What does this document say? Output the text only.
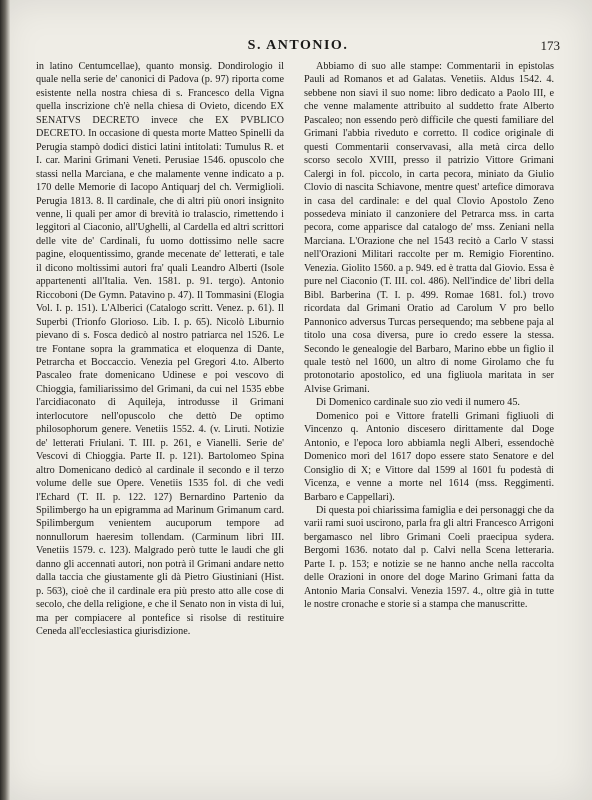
S. ANTONIO.	173

in latino Centumcellae), quanto monsig. Dondirologio il quale nella serie de' canonici di Padova (p. 97) riporta come esistente nella nostra chiesa di s. Francesco della Vigna quella inscrizione ch'è nella chiesa di Ovieto, dicendo EX SENATVS DECRETO invece che EX PVBLICO DECRETO. In occasione di questa morte Matteo Spinelli da Perugia stampò dodici distici latini intitolati: Tumulus R. et I. car. Marini Grimani Veneti. Perusiae 1546. opuscolo che stassi nella Marciana, e che malamente venne indicato a p. 170 delle Memorie di Iacopo Antiquarj del ch. Vermiglioli. Perugia 1813. 8. Il cardinale, che di altri più onori insignito venne, li quali per amor di brevità io tralascio, rimettendo i leggitori al Ciaconio, all'Ughelli, al Cardella ed altri scrittori delle vite de' Cardinali, fu uomo dottissimo nelle sacre pagine, eloquentissimo, grande mecenate de' letterati, e tale il dicono moltissimi autori fra' quali Leandro Alberti (Isole appartenenti all'Italia. Ven. 1581. p. 91. tergo). Antonio Riccoboni (De Gymn. Patavino p. 47). Il Tommasini (Elogia Vol. I. p. 151). L'Alberici (Catalogo scritt. Venez. p. 61). Il Superbi (Trionfo Glorioso. Lib. I. p. 65). Nicolò Liburnio pievano di s. Fosca dedicò al nostro patriarca nel 1526. Le tre Fontane sopra la grammatica et eloquenza di Dante, Petrarcha et Boccaccio. Venezia pel Gregori 4.to. Alberto Pascaleo frate domenicano Udinese e poi vescovo di Chioggia, familiarissimo del Grimani, da cui nel 1535 ebbe l'arcidiaconato di Aquileja, introdusse il Grimani interlocutore nell'opuscolo che dettò De optimo philosophorum genere. Venetiis 1552. 4. (v. Liruti. Notizie de' letterati Friulani. T. III. p. 261, e Vianelli. Serie de' Vescovi di Chioggia. Parte II. p. 121). Bartolomeo Spina altro Domenicano dedicò al cardinale il secondo e il terzo volume delle sue Opere. Venetiis 1535 fol. di che vedi l'Echard (T. II. p. 122. 127) Bernardino Partenio da Spilimbergo ha un epigramma ad Marinum Grimanum card. Spilimbergum venientem aucuporum tempore ad nonnullorum haeresim tollendam. (Carminum libri III. Venetiis 1579. c. 123). Malgrado però tutte le laudi che gli danno gli accennati autori, non potrà il Grimani andare netto dalla taccia che giustamente gli dà Pietro Giustiniani (Hist. p. 563), cioè che il cardinale era più presto atto alle cose di secolo, che della religione, e che il Senato non in vista di lui, ma per compiacere al pontefice si risolse di restituire Ceneda all'ecclesiastica giurisdizione.

Abbiamo di suo alle stampe: Commentarii in epistolas Pauli ad Romanos et ad Galatas. Venetiis. Aldus 1542. 4. sebbene non siavi il suo nome: libro dedicato a Paolo III, e che venne malamente attribuito al suddetto frate Alberto Pascaleo; non essendo però difficile che questi familiare del Grimani l'abbia riveduto e corretto. Il codice originale di questi Commentarii conservavasi, alla metà circa dello scorso secolo XVIII, presso il patrizio Vittore Grimani Calergi in fol. piccolo, in carta pecora, miniato da Giulio Clovio di nascita Schiavone, mentre quest' artefice dimorava in casa del cardinale: e del qual Clovio Apostolo Zeno possedeva miniato il canzoniere del Petrarca mss. in carta pecora, come apparisce dal catalogo de' mss. Zeniani nella Marciana. L'Orazione che nel 1543 recitò a Carlo V stassi nell'Orazioni Militari raccolte per m. Remigio Fiorentino. Venezia. Giolito 1560. a p. 949. ed è tratta dal Giovio. Essa è pure nel Ciaconio (T. III. col. 486). Nell'indice de' libri della Bibl. Barberina (T. I. p. 499. Romae 1681. fol.) trovo ricordata dal Grimani Oratio ad Carolum V pro bello Pannonico adversus Turcas persequendo; ma sebbene paja al titolo una cosa diversa, pure io credo essere la stessa. Secondo le genealogie del Barbaro, Marino ebbe un figlio il quale testò nel 1600, un altro di nome Girolamo che fu protonotario apostolico, ed una figliuola maritata in ser Alvise Grimani.

Di Domenico cardinale suo zio vedi il numero 45.

Domenico poi e Vittore fratelli Grimani figliuoli di Vincenzo q. Antonio discesero dirittamente dal Doge Antonio, e l'epoca loro abbiamla negli Alberi, essendochè Domenico morì del 1617 dopo essere stato Senatore e del Consiglio di X; e Vittore dal 1599 al 1601 fu podestà di Vicenza, e venne a morte nel 1614 (mss. Reggimenti. Barbaro e Cappellari).

Di questa poi chiarissima famiglia e dei personaggi che da varii rami suoi uscirono, parla fra gli altri Francesco Arrigoni bergamasco nel libro Grimani Coeli praecipua sydera. Bergomi 1636. notato dal p. Calvi nella Scena letteraria. Parte I. p. 153; e notizie se ne hanno anche nella raccolta delle Orazioni in onore del doge Marino Grimani fatta da Antonio Maria Consalvi. Venezia 1597. 4., oltre già in tutte le nostre cronache e storie si a stampa che manuscritte.
